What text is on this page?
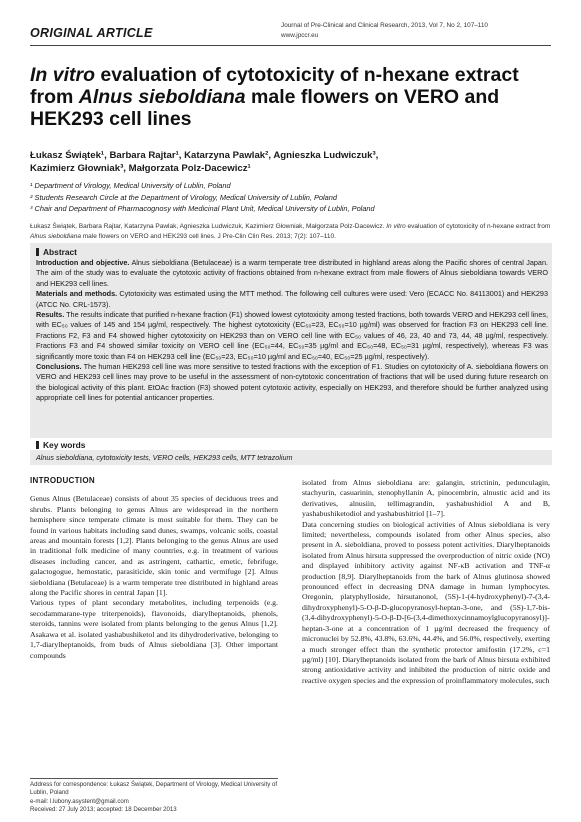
ORIGINAL ARTICLE
Journal of Pre-Clinical and Clinical Research, 2013, Vol 7, No 2, 107–110
www.jpccr.eu
In vitro evaluation of cytotoxicity of n-hexane extract from Alnus sieboldiana male flowers on VERO and HEK293 cell lines
Łukasz Świątek¹, Barbara Rajtar¹, Katarzyna Pawlak², Agnieszka Ludwiczuk³,
Kazimierz Głowniak³, Małgorzata Polz-Dacewicz¹
¹ Department of Virology, Medical University of Lublin, Poland
² Students Research Circle at the Department of Virology, Medical University of Lublin, Poland
³ Chair and Department of Pharmacognosy with Medicinal Plant Unit, Medical University of Lublin, Poland
Łukasz Świątek, Barbara Rajtar, Katarzyna Pawlak, Agnieszka Ludwiczuk, Kazimierz Głowniak, Małgorzata Polz-Dacewicz. In vitro evaluation of cytotoxicity of n-hexane extract from Alnus sieboldiana male flowers on VERO and HEK293 cell lines. J Pre-Clin Clin Res. 2013; 7(2): 107–110.
Abstract

Introduction and objective. Alnus sieboldiana (Betulaceae) is a warm temperate tree distributed in highland areas along the Pacific shores of central Japan. The aim of the study was to evaluate the cytotoxic activity of fractions obtained from n-hexane extract from male flowers of Alnus sieboldiana towards VERO and HEK293 cell lines.

Materials and methods. Cytotoxicity was estimated using the MTT method. The following cell cultures were used: Vero (ECACC No. 84113001) and HEK293 (ATCC No. CRL-1573).

Results. The results indicate that purified n-hexane fraction (F1) showed lowest cytotoxicity among tested fractions, both towards VERO and HEK293 cell lines, with EC₅₀ values of 145 and 154 µg/ml, respectively. The highest cytotoxicity (EC₅₀=23, EC₅₀=10 µg/ml) was observed for fraction F3 on HEK293 cell line. Fractions F2, F3 and F4 showed higher cytotoxicity on HEK293 than on VERO cell line with EC₅₀ values of 46, 23, 40 and 73, 44, 48 µg/ml, respectively. Fractions F3 and F4 showed similar toxicity on VERO cell line (EC₅₀=44, EC₅₀=35 µg/ml and EC₅₀=48, EC₅₀=31 µg/ml, respectively), whereas F3 was significantly more toxic than F4 on HEK293 cell line (EC₅₀=23, EC₅₀=10 µg/ml and EC₅₀=40, EC₅₀=25 µg/ml, respectively).

Conclusions. The human HEK293 cell line was more sensitive to tested fractions with the exception of F1. Studies on cytotoxicity of A. sieboldiana flowers on VERO and HEK293 cell lines may prove to be useful in the assessment of non-cytotoxic concentration of fractions that will be used during future research on the biological activity of this plant. EtOAc fraction (F3) showed potent cytotoxic activity, especially on HEK293, and therefore should be further analyzed using appropriate cell lines for potential anticancer properties.

Key words
Alnus sieboldiana, cytotoxicity tests, VERO cells, HEK293 cells, MTT tetrazolium

INTRODUCTION

Genus Alnus (Betulaceae) consists of about 35 species of deciduous trees and shrubs. Plants belonging to genus Alnus are widespread in the northern hemisphere since temperate climate is most suitable for them. They can be found in various habitats including sand dunes, swamps, volcanic soils, coastal areas and mountain forests [1,2]. Plants belonging to the genus Alnus are used in traditional folk medicine of many countries, e.g. in treatment of various diseases including cancer, and as astringent, cathartic, emetic, febrifuge, galactogogue, hemostatic, parasiticide, skin tonic and vermifuge [2]. Alnus sieboldiana (Betulaceae) is a warm temperate tree distributed in highland areas along the Pacific shores in central Japan [1].

Various types of plant secondary metabolites, including terpenoids (e.g. secodammarane-type triterpenoids), flavonoids, diarylheptanoids, phenols, steroids, tannins were isolated from plants belonging to the genus Alnus [1,2]. Asakawa et al. isolated yashabushiketol and its dihydroderivative, belonging to 1,7-diarylheptanoids, from buds of Alnus sieboldiana [3]. Other important compounds

isolated from Alnus sieboldiana are: galangin, strictinin, pedunculagin, stachyurin, casuarinin, stenophyllanin A, pinocembrin, alnustic acid and its derivatives, alnusiin, tellimagrandin, yashabushidiol A and B, yashabushiketodiol and yashabushitriol [1–7].

Data concerning studies on biological activities of Alnus sieboldiana is very limited; nevertheless, compounds isolated from other Alnus species, also present in A. sieboldiana, proved to possess potent activities. Diarylheptanoids isolated from Alnus hirsuta suppressed the overproduction of nitric oxide (NO) and displayed inhibitory activity against NF-κB activation and TNF-α production [8,9]. Diarylheptanoids from the bark of Alnus glutinosa showed pronounced effect in decreasing DNA damage in human lymphocytes. Oregonin, platyphylloside, hirsutanonol, (5S)-1-(4-hydroxyphenyl)-7-(3,4-dihydroxyphenyl)-5-O-β-D-glucopyranosyl-heptan-3-one, and (5S)-1,7-bis-(3,4-dihydroxyphenyl)-5-O-β-D-[6-(3,4-dimethoxycinnamoylglucopyranosyl)]-heptan-3-one at a concentration of 1 µg/ml decreased the frequency of micronuclei by 52.8%, 43.8%, 63.6%, 44.4%, and 56.0%, respectively, exerting a much stronger effect than the synthetic protector amifostin (17.2%, c=1 µg/ml) [10]. Diarylheptanoids isolated from the bark of Alnus hirsuta exhibited strong antioxidative activity and inhibited the production of nitric oxide and reactive oxygen species and the expression of proinflammatory molecules, such

Address for correspondence: Łukasz Świątek, Department of Virology, Medical University of Lublin, Poland
e-mail: l.lubony.asystent@gmail.com
Received: 27 July 2013; accepted: 18 December 2013
